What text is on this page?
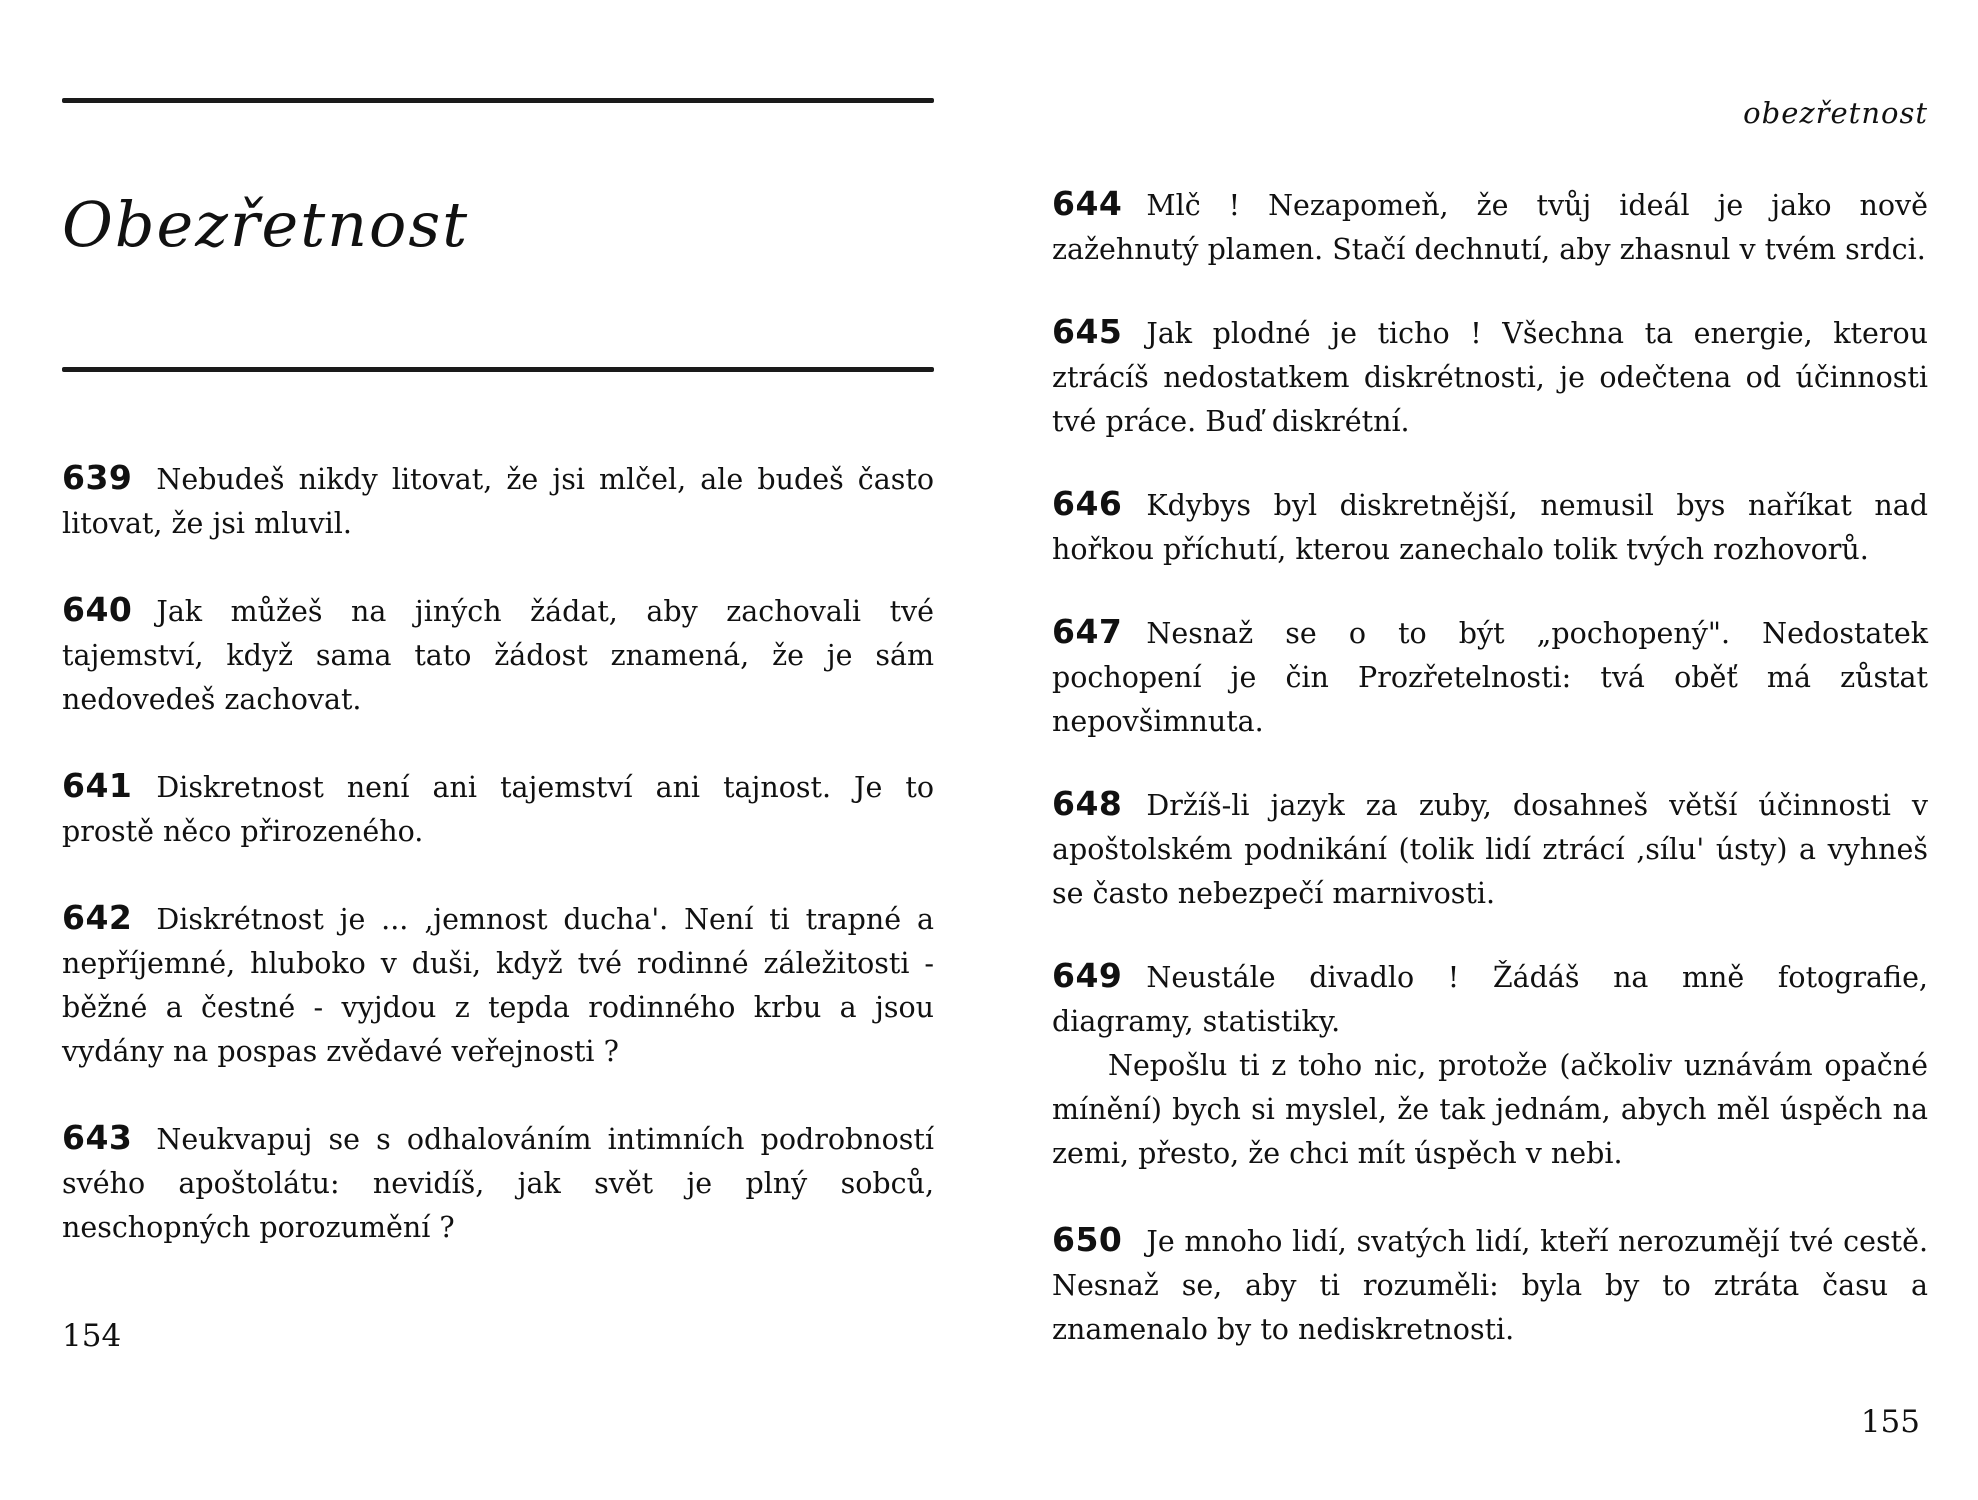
Obezřetnost

639 Nebudeš nikdy litovat, že jsi mlčel, ale budeš často litovat, že jsi mluvil.

640 Jak můžeš na jiných žádat, aby zachovali tvé tajemství, když sama tato žádost znamená, že je sám nedovedeš zachovat.

641 Diskretnost není ani tajemství ani tajnost. Je to prostě něco přirozeného.

642 Diskrétnost je ... ‚jemnost ducha'. Není ti trapné a nepříjemné, hluboko v duši, když tvé rodinné záležitosti - běžné a čestné - vyjdou z tepda rodinného krbu a jsou vydány na pospas zvědavé veřejnosti ?

643 Neukvapuj se s odhalováním intimních podrobností svého apoštolátu: nevidíš, jak svět je plný sobců, neschopných porozumění ?

154
obezřetnost

644 Mlč ! Nezapomeň, že tvůj ideál je jako nově zažehnutý plamen. Stačí dechnutí, aby zhasnul v tvém srdci.

645 Jak plodné je ticho ! Všechna ta energie, kterou ztrácíš nedostatkem diskrétnosti, je odečtena od účinnosti tvé práce. Buď diskrétní.

646 Kdybys byl diskretnější, nemusil bys naříkat nad hořkou příchutí, kterou zanechalo tolik tvých rozhovorů.

647 Nesnaž se o to být „pochopený". Nedostatek pochopení je čin Prozřetelnosti: tvá oběť má zůstat nepovšimnuta.

648 Držíš-li jazyk za zuby, dosahneš větší účinnosti v apoštolském podnikání (tolik lidí ztrácí ‚sílu' ústy) a vyhneš se často nebezpečí marnivosti.

649 Neustále divadlo ! Žádáš na mně fotografie, diagramy, statistiky.
Nepošlu ti z toho nic, protože (ačkoliv uznávám opačné mínění) bych si myslel, že tak jednám, abych měl úspěch na zemi, přesto, že chci mít úspěch v nebi.

650 Je mnoho lidí, svatých lidí, kteří nerozumějí tvé cestě. Nesnaž se, aby ti rozuměli: byla by to ztráta času a znamenalo by to nediskretnosti.

155
